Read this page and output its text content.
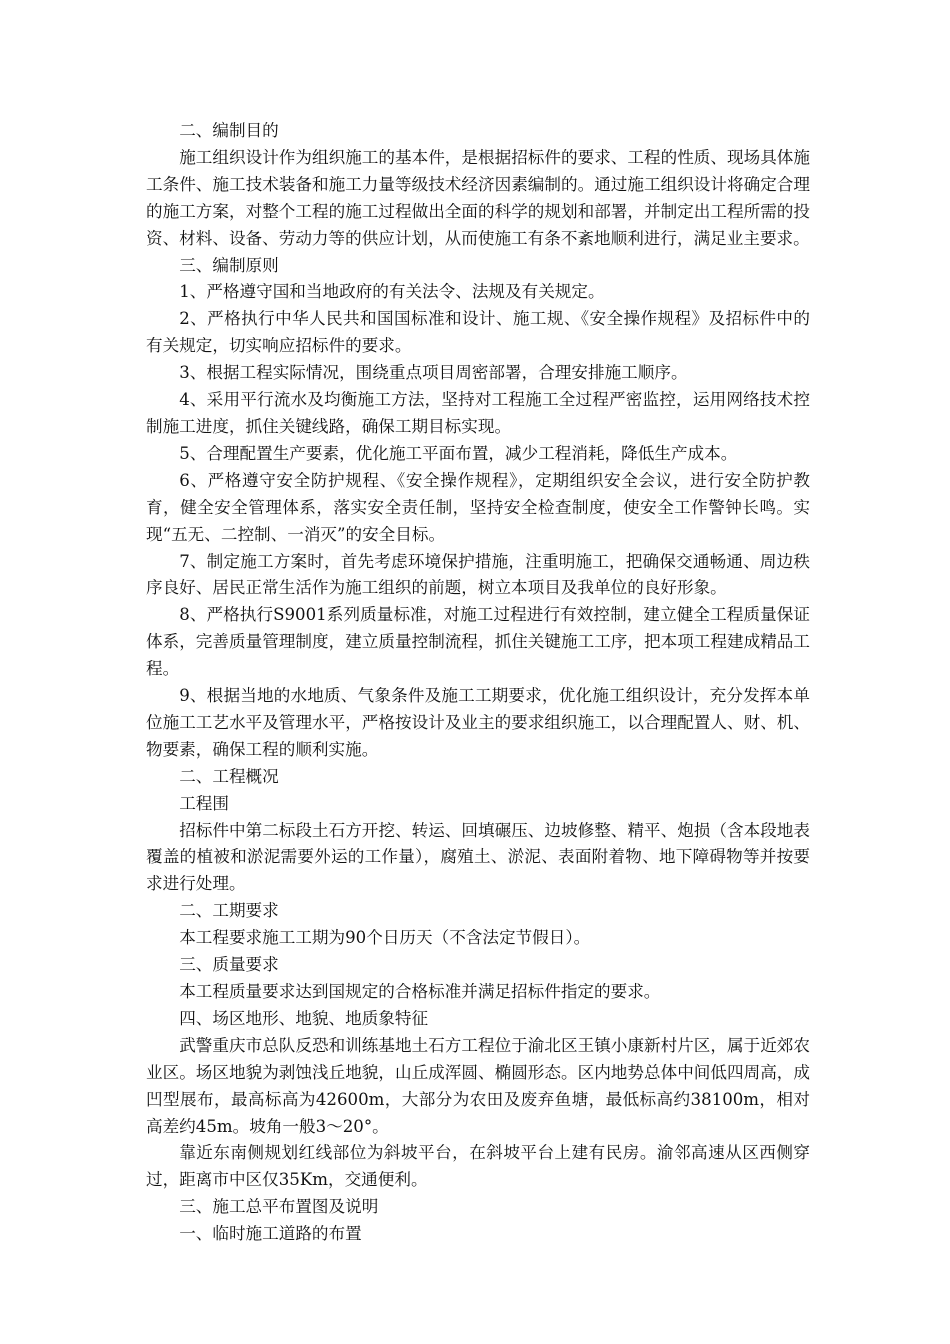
二、编制目的

施工组织设计作为组织施工的基本件，是根据招标件的要求、工程的性质、现场具体施工条件、施工技术装备和施工力量等级技术经济因素编制的。通过施工组织设计将确定合理的施工方案，对整个工程的施工过程做出全面的科学的规划和部署，并制定出工程所需的投资、材料、设备、劳动力等的供应计划，从而使施工有条不紊地顺利进行，满足业主要求。

三、编制原则

1、严格遵守国和当地政府的有关法令、法规及有关规定。

2、严格执行中华人民共和国国标准和设计、施工规、《安全操作规程》及招标件中的有关规定，切实响应招标件的要求。

3、根据工程实际情况，围绕重点项目周密部署，合理安排施工顺序。

4、采用平行流水及均衡施工方法，坚持对工程施工全过程严密监控，运用网络技术控制施工进度，抓住关键线路，确保工期目标实现。

5、合理配置生产要素，优化施工平面布置，减少工程消耗，降低生产成本。

6、严格遵守安全防护规程、《安全操作规程》，定期组织安全会议，进行安全防护教育，健全安全管理体系，落实安全责任制，坚持安全检查制度，使安全工作警钟长鸣。实现“五无、二控制、一消灭”的安全目标。

7、制定施工方案时，首先考虑环境保护措施，注重明施工，把确保交通畅通、周边秩序良好、居民正常生活作为施工组织的前题，树立本项目及我单位的良好形象。

8、严格执行S9001系列质量标准，对施工过程进行有效控制，建立健全工程质量保证体系，完善质量管理制度，建立质量控制流程，抓住关键施工工序，把本项工程建成精品工程。

9、根据当地的水地质、气象条件及施工工期要求，优化施工组织设计，充分发挥本单位施工工艺水平及管理水平，严格按设计及业主的要求组织施工，以合理配置人、财、机、物要素，确保工程的顺利实施。

二、工程概况

工程围

招标件中第二标段土石方开挖、转运、回填碾压、边坡修整、精平、炮损（含本段地表覆盖的植被和淤泥需要外运的工作量），腐殖土、淤泥、表面附着物、地下障碍物等并按要求进行处理。

二、工期要求

本工程要求施工工期为90个日历天（不含法定节假日）。

三、质量要求

本工程质量要求达到国规定的合格标准并满足招标件指定的要求。

四、场区地形、地貌、地质象特征

武警重庆市总队反恐和训练基地土石方工程位于渝北区王镇小康新村片区，属于近郊农业区。场区地貌为剥蚀浅丘地貌，山丘成浑圆、椭圆形态。区内地势总体中间低四周高，成凹型展布，最高标高为42600m，大部分为农田及废弃鱼塘，最低标高约38100m，相对高差约45m。坡角一般3～20°。

靠近东南侧规划红线部位为斜坡平台，在斜坡平台上建有民房。渝邻高速从区西侧穿过，距离市中区仅35Km，交通便利。

三、施工总平布置图及说明

一、临时施工道路的布置
